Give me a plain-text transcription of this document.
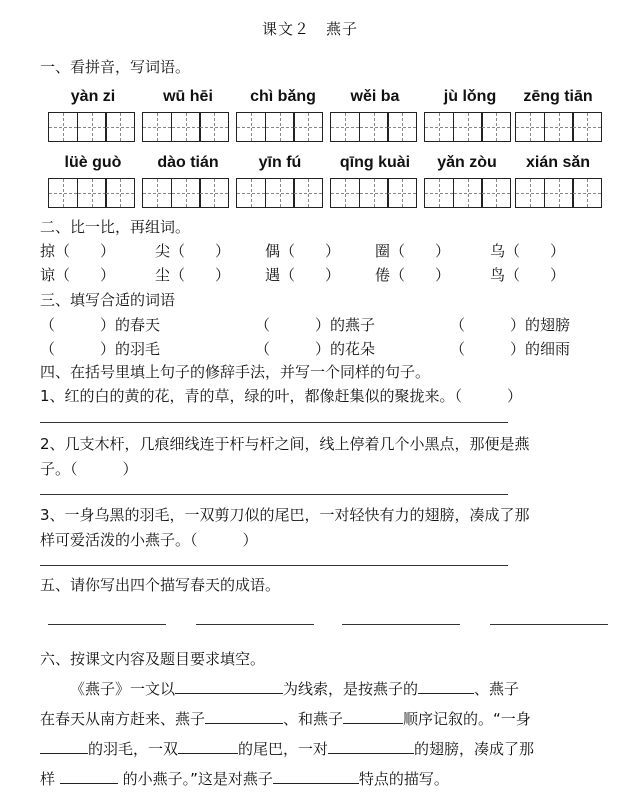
课文２　燕子
一、看拼音，写词语。
yàn zi	wū hēi	chì bǎng	wěi ba	jù lǒng	zēng tiān
lüè guò	dào tián	yīn fú	qīng kuài	yǎn zòu	xián sǎn
二、比一比，再组词。
掠（　　）	尖（　　） 偶（　　） 圈（　　）	乌（　　）
谅（　　）	尘（　　） 遇（　　） 倦（　　）	鸟（　　）
三、填写合适的词语
（　　　）的春天	（　　　）的燕子	（　　　）的翅膀
（　　　）的羽毛	（　　　）的花朵	（　　　）的细雨
四、在括号里填上句子的修辞手法，并写一个同样的句子。
1、红的白的黄的花，青的草，绿的叶，都像赶集似的聚拢来。（　　　）
2、几支木杆，几痕细线连于杆与杆之间，线上停着几个小黑点，那便是燕
子。（　　　）
3、一身乌黑的羽毛，一双剪刀似的尾巴，一对轻快有力的翅膀，凑成了那
样可爱活泼的小燕子。（　　　）
五、请你写出四个描写春天的成语。
六、按课文内容及题目要求填空。
《燕子》一文以	为线索，是按燕子的	、燕子
在春天从南方赶来、燕子	、和燕子	顺序记叙的。“一身
的羽毛，一双	的尾巴，一对	的翅膀，凑成了那
样	的小燕子。”这是对燕子	特点的描写。
